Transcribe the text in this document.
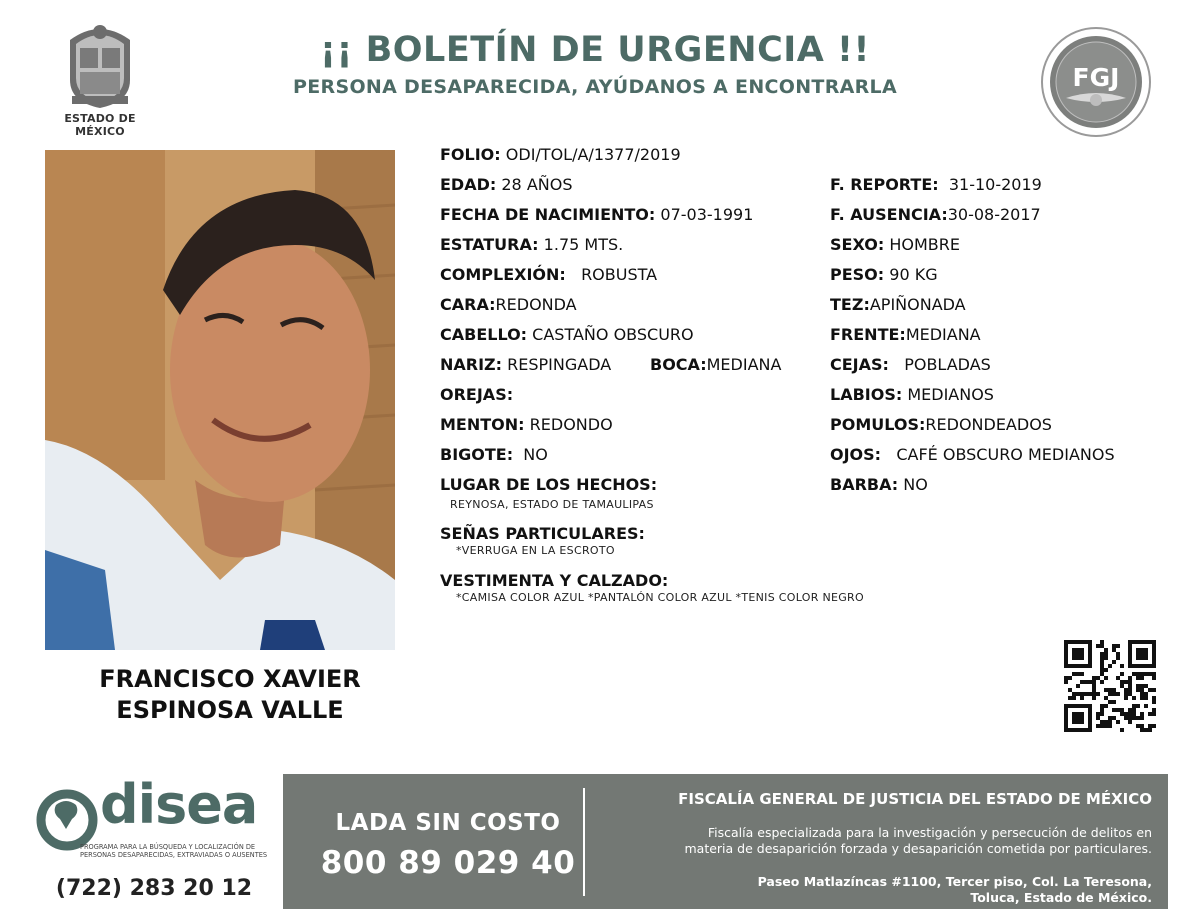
ESTADO DE MÉXICO
¡¡ BOLETÍN DE URGENCIA !!
PERSONA DESAPARECIDA, AYÚDANOS A ENCONTRARLA	FGJ
FRANCISCO XAVIER
ESPINOSA VALLE
FOLIO: ODI/TOL/A/1377/2019
EDAD: 28 AÑOS
FECHA DE NACIMIENTO: 07-03-1991
ESTATURA: 1.75 MTS.
COMPLEXIÓN: ROBUSTA
CARA:REDONDA
CABELLO: CASTAÑO OBSCURO
NARIZ: RESPINGADA BOCA:MEDIANA
OREJAS:
MENTON: REDONDO
BIGOTE: NO
F. REPORTE: 31-10-2019
F. AUSENCIA:30-08-2017
SEXO: HOMBRE
PESO: 90 KG
TEZ:APIÑONADA
FRENTE:MEDIANA
CEJAS: POBLADAS
LABIOS: MEDIANOS
POMULOS:REDONDEADOS
OJOS: CAFÉ OBSCURO MEDIANOS
BARBA: NO
LUGAR DE LOS HECHOS:
REYNOSA, ESTADO DE TAMAULIPAS
SEÑAS PARTICULARES:
*VERRUGA EN LA ESCROTO
VESTIMENTA Y CALZADO:
*CAMISA COLOR AZUL *PANTALÓN COLOR AZUL *TENIS COLOR NEGRO
disea
PROGRAMA PARA LA BÚSQUEDA Y LOCALIZACIÓN DE PERSONAS DESAPARECIDAS, EXTRAVIADAS O AUSENTES
(722) 283 20 12
LADA SIN COSTO
800 89 029 40
FISCALÍA GENERAL DE JUSTICIA DEL ESTADO DE MÉXICO
Fiscalía especializada para la investigación y persecución de delitos en
materia de desaparición forzada y desaparición cometida por particulares.
Paseo Matlazíncas #1100, Tercer piso, Col. La Teresona,
Toluca, Estado de México.
